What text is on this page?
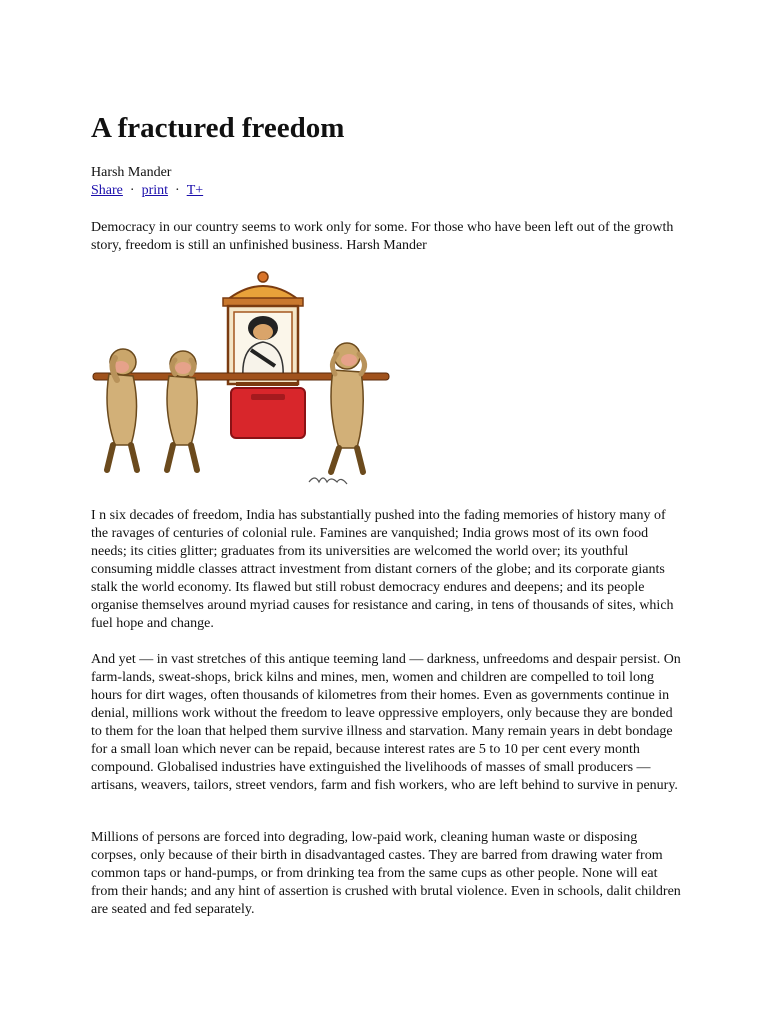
A fractured freedom
Harsh Mander
Share · print · T+

Democracy in our country seems to work only for some. For those who have been left out of the growth story, freedom is still an unfinished business. Harsh Mander

I n six decades of freedom, India has substantially pushed into the fading memories of history many of the ravages of centuries of colonial rule. Famines are vanquished; India grows most of its own food needs; its cities glitter; graduates from its universities are welcomed the world over; its youthful consuming middle classes attract investment from distant corners of the globe; and its corporate giants stalk the world economy. Its flawed but still robust democracy endures and deepens; and its people organise themselves around myriad causes for resistance and caring, in tens of thousands of sites, which fuel hope and change.

And yet — in vast stretches of this antique teeming land — darkness, unfreedoms and despair persist. On farm-lands, sweat-shops, brick kilns and mines, men, women and children are compelled to toil long hours for dirt wages, often thousands of kilometres from their homes. Even as governments continue in denial, millions work without the freedom to leave oppressive employers, only because they are bonded to them for the loan that helped them survive illness and starvation. Many remain years in debt bondage for a small loan which never can be repaid, because interest rates are 5 to 10 per cent every month compound. Globalised industries have extinguished the livelihoods of masses of small producers — artisans, weavers, tailors, street vendors, farm and fish workers, who are left behind to survive in penury.

Millions of persons are forced into degrading, low-paid work, cleaning human waste or disposing corpses, only because of their birth in disadvantaged castes. They are barred from drawing water from common taps or hand-pumps, or from drinking tea from the same cups as other people. None will eat from their hands; and any hint of assertion is crushed with brutal violence. Even in schools, dalit children are seated and fed separately.
